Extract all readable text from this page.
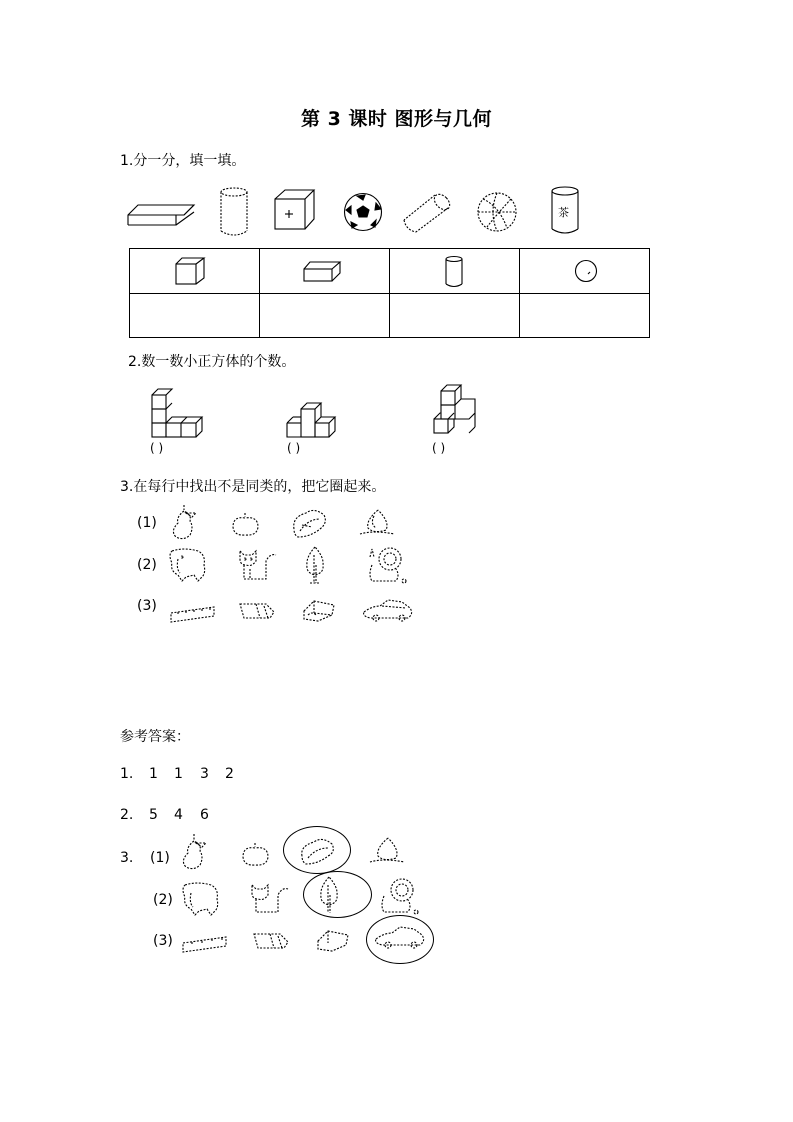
第 3 课时 图形与几何
1.分一分，填一填。
茶

2.数一数小正方体的个数。
( )	( )	( )
3.在每行中找出不是同类的，把它圈起来。
(1)
(2)
(3)
参考答案：
1. 1 1 3 2
2. 5 4 6
3. (1)
(2)
(3)
